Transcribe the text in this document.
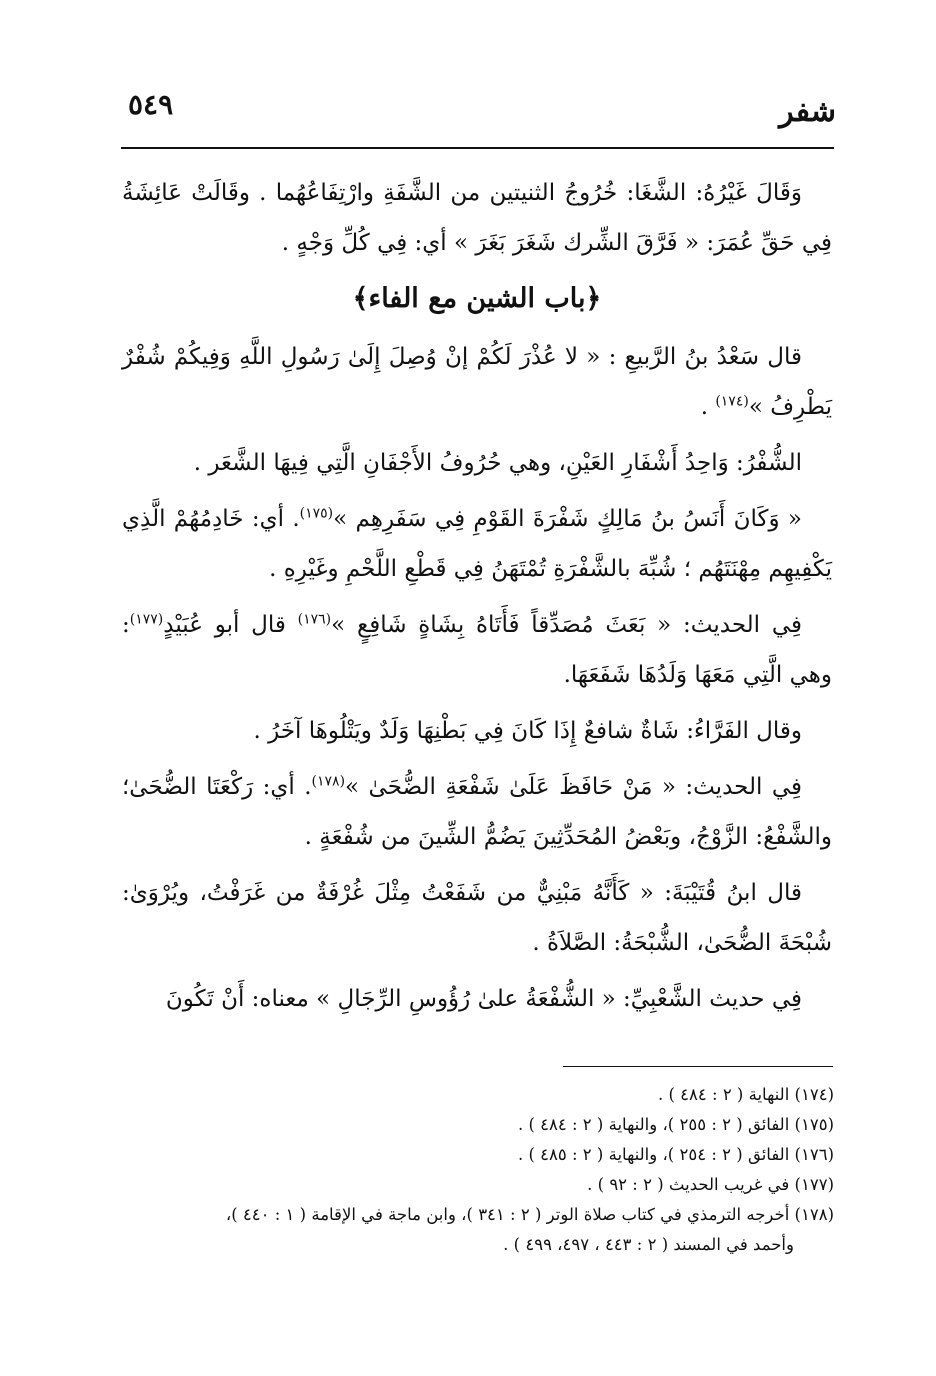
شفر
٥٤٩

وَقَالَ غَيْرُهُ: الشَّغَا: خُرُوجُ الثنيتين من الشَّفَةِ وارْتِفَاعُهُما . وقَالَتْ عَائِشَةُ فِي حَقِّ عُمَرَ: « فَرَّقَ الشِّرك شَغَرَ بَغَرَ » أي: فِي كُلِّ وَجْهٍ .

﴿باب الشين مع الفاء﴾

قال سَعْدُ بنُ الرَّبيعِ : « لا عُذْرَ لَكُمْ إنْ وُصِلَ إِلَىٰ رَسُولِ اللَّهِ وَفِيكُمْ شُفْرٌ يَطْرِفُ »$^{(١٧٤)}$ .

الشُّفْرُ: وَاحِدُ أَشْفَارِ العَيْنِ، وهي حُرُوفُ الأَجْفَانِ الَّتِي فِيهَا الشَّعَر .

« وَكَانَ أَنَسُ بنُ مَالِكٍ شَفْرَةَ القَوْمِ فِي سَفَرِهِم »$^{(١٧٥)}$. أي: خَادِمُهُمْ الَّذِي يَكْفِيهِم مِهْنَتَهُم ؛ شُبِّهَ بالشَّفْرَةِ تُمْتَهَنُ فِي قَطْعِ اللَّحْمِ وغَيْرِهِ .

فِي الحديث: « بَعَثَ مُصَدِّقاً فَأَتَاهُ بِشَاةٍ شَافِعٍ »$^{(١٧٦)}$ قال أبو عُبَيْدٍ$^{(١٧٧)}$: وهي الَّتِي مَعَهَا وَلَدُهَا شَفَعَهَا.

وقال الفَرَّاءُ: شَاةٌ شافعٌ إِذَا كَانَ فِي بَطْنِهَا وَلَدٌ ويَتْلُوهَا آخَرُ .

فِي الحديث: « مَنْ حَافَظَ عَلَىٰ شَفْعَةِ الضُّحَىٰ »$^{(١٧٨)}$. أي: رَكْعَتَا الضُّحَىٰ؛ والشَّفْعُ: الزَّوْجُ، وبَعْضُ المُحَدِّثِينَ يَضُمُّ الشِّينَ من شُفْعَةٍ .

قال ابنُ قُتَيْبَةَ: « كَأَنَّهُ مَبْنِيٌّ من شَفَعْتُ مِثْلَ غُرْفَةٌ من غَرَفْتُ، ويُرْوَىٰ: شُبْحَةَ الضُّحَىٰ، الشُّبْحَةُ: الصَّلاَةُ .

فِي حديث الشَّعْبِيِّ: « الشُّفْعَةُ علىٰ رُؤُوسِ الرِّجَالِ » معناه: أَنْ تَكُونَ

(١٧٤) النهاية ( ٢ : ٤٨٤ ) .

(١٧٥) الفائق ( ٢ : ٢٥٥ )، والنهاية ( ٢ : ٤٨٤ ) .

(١٧٦) الفائق ( ٢ : ٢٥٤ )، والنهاية ( ٢ : ٤٨٥ ) .

(١٧٧) في غريب الحديث ( ٢ : ٩٢ ) .

(١٧٨) أخرجه الترمذي في كتاب صلاة الوتر ( ٢ : ٣٤١ )، وابن ماجة في الإقامة ( ١ : ٤٤٠ )،

وأحمد في المسند ( ٢ : ٤٤٣ ، ٤٩٧، ٤٩٩ ) .
